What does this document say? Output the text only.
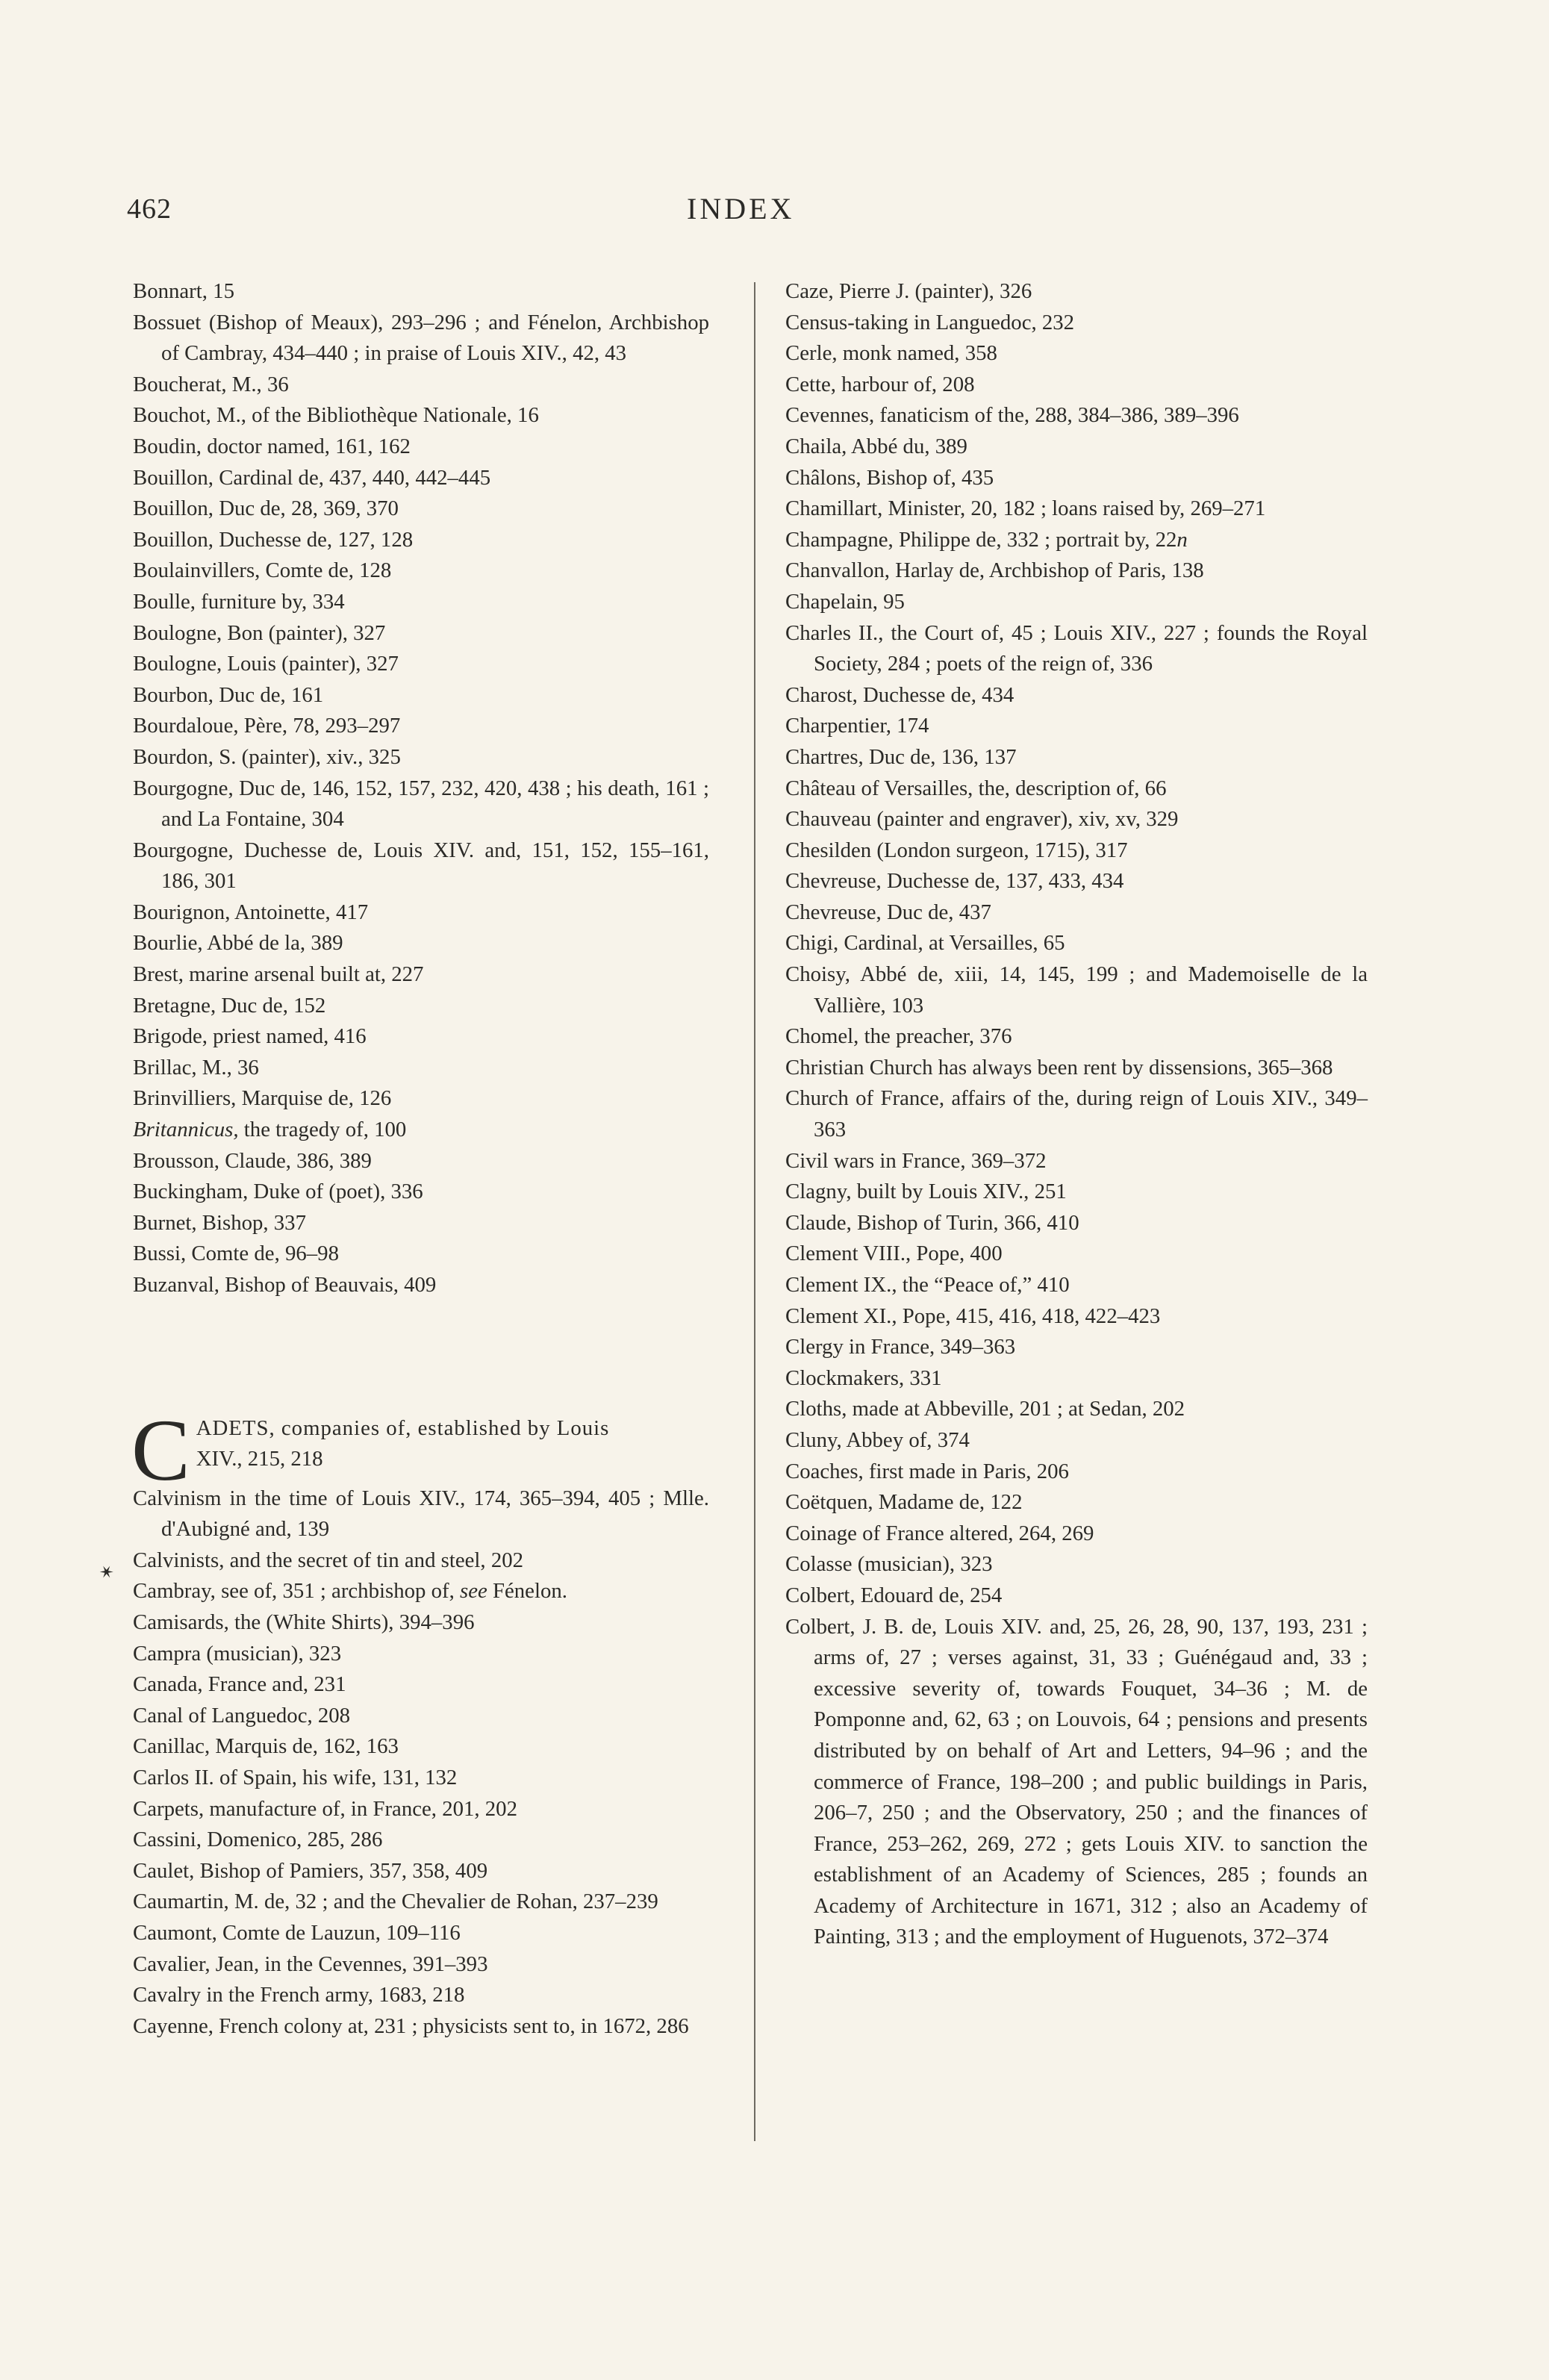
462	INDEX
Bonnart, 15
Bossuet (Bishop of Meaux), 293–296 ; and Fénelon, Archbishop of Cambray, 434–440 ; in praise of Louis XIV., 42, 43
Boucherat, M., 36
Bouchot, M., of the Bibliothèque Nationale, 16
Boudin, doctor named, 161, 162
Bouillon, Cardinal de, 437, 440, 442–445
Bouillon, Duc de, 28, 369, 370
Bouillon, Duchesse de, 127, 128
Boulainvillers, Comte de, 128
Boulle, furniture by, 334
Boulogne, Bon (painter), 327
Boulogne, Louis (painter), 327
Bourbon, Duc de, 161
Bourdaloue, Père, 78, 293–297
Bourdon, S. (painter), xiv., 325
Bourgogne, Duc de, 146, 152, 157, 232, 420, 438 ; his death, 161 ; and La Fontaine, 304
Bourgogne, Duchesse de, Louis XIV. and, 151, 152, 155–161, 186, 301
Bourignon, Antoinette, 417
Bourlie, Abbé de la, 389
Brest, marine arsenal built at, 227
Bretagne, Duc de, 152
Brigode, priest named, 416
Brillac, M., 36
Brinvilliers, Marquise de, 126
Britannicus, the tragedy of, 100
Brousson, Claude, 386, 389
Buckingham, Duke of (poet), 336
Burnet, Bishop, 337
Bussi, Comte de, 96–98
Buzanval, Bishop of Beauvais, 409
C ADETS, companies of, established by Louis
XIV., 215, 218
Calvinism in the time of Louis XIV., 174, 365–394, 405 ; Mlle. d'Aubigné and, 139
Calvinists, and the secret of tin and steel, 202
Cambray, see of, 351 ; archbishop of, see Fénelon.
Camisards, the (White Shirts), 394–396
Campra (musician), 323
Canada, France and, 231
Canal of Languedoc, 208
Canillac, Marquis de, 162, 163
Carlos II. of Spain, his wife, 131, 132
Carpets, manufacture of, in France, 201, 202
Cassini, Domenico, 285, 286
Caulet, Bishop of Pamiers, 357, 358, 409
Caumartin, M. de, 32 ; and the Chevalier de Rohan, 237–239
Caumont, Comte de Lauzun, 109–116
Cavalier, Jean, in the Cevennes, 391–393
Cavalry in the French army, 1683, 218
Cayenne, French colony at, 231 ; physicists sent to, in 1672, 286
Caze, Pierre J. (painter), 326
Census-taking in Languedoc, 232
Cerle, monk named, 358
Cette, harbour of, 208
Cevennes, fanaticism of the, 288, 384–386, 389–396
Chaila, Abbé du, 389
Châlons, Bishop of, 435
Chamillart, Minister, 20, 182 ; loans raised by, 269–271
Champagne, Philippe de, 332 ; portrait by, 22n
Chanvallon, Harlay de, Archbishop of Paris, 138
Chapelain, 95
Charles II., the Court of, 45 ; Louis XIV., 227 ; founds the Royal Society, 284 ; poets of the reign of, 336
Charost, Duchesse de, 434
Charpentier, 174
Chartres, Duc de, 136, 137
Château of Versailles, the, description of, 66
Chauveau (painter and engraver), xiv, xv, 329
Chesilden (London surgeon, 1715), 317
Chevreuse, Duchesse de, 137, 433, 434
Chevreuse, Duc de, 437
Chigi, Cardinal, at Versailles, 65
Choisy, Abbé de, xiii, 14, 145, 199 ; and Mademoiselle de la Vallière, 103
Chomel, the preacher, 376
Christian Church has always been rent by dissensions, 365–368
Church of France, affairs of the, during reign of Louis XIV., 349–363
Civil wars in France, 369–372
Clagny, built by Louis XIV., 251
Claude, Bishop of Turin, 366, 410
Clement VIII., Pope, 400
Clement IX., the “Peace of,” 410
Clement XI., Pope, 415, 416, 418, 422–423
Clergy in France, 349–363
Clockmakers, 331
Cloths, made at Abbeville, 201 ; at Sedan, 202
Cluny, Abbey of, 374
Coaches, first made in Paris, 206
Coëtquen, Madame de, 122
Coinage of France altered, 264, 269
Colasse (musician), 323
Colbert, Edouard de, 254
Colbert, J. B. de, Louis XIV. and, 25, 26, 28, 90, 137, 193, 231 ; arms of, 27 ; verses against, 31, 33 ; Guénégaud and, 33 ; excessive severity of, towards Fouquet, 34–36 ; M. de Pomponne and, 62, 63 ; on Louvois, 64 ; pensions and presents distributed by on behalf of Art and Letters, 94–96 ; and the commerce of France, 198–200 ; and public buildings in Paris, 206–7, 250 ; and the Observatory, 250 ; and the finances of France, 253–262, 269, 272 ; gets Louis XIV. to sanction the establishment of an Academy of Sciences, 285 ; founds an Academy of Architecture in 1671, 312 ; also an Academy of Painting, 313 ; and the employment of Huguenots, 372–374
✶
